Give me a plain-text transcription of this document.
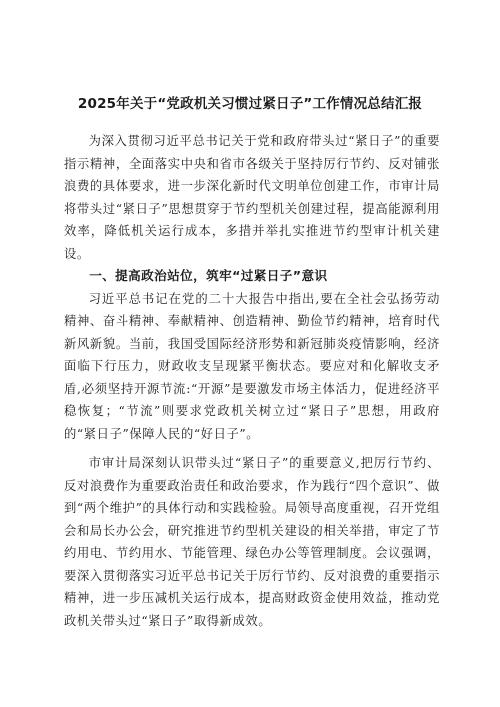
2025年关于“党政机关习惯过紧日子”工作情况总结汇报

为深入贯彻习近平总书记关于党和政府带头过“紧日子”的重要指示精神，全面落实中央和省市各级关于坚持厉行节约、反对铺张浪费的具体要求，进一步深化新时代文明单位创建工作，市审计局将带头过“紧日子”思想贯穿于节约型机关创建过程，提高能源利用效率，降低机关运行成本，多措并举扎实推进节约型审计机关建设。

一、提高政治站位，筑牢“过紧日子”意识

习近平总书记在党的二十大报告中指出,要在全社会弘扬劳动精神、奋斗精神、奉献精神、创造精神、勤俭节约精神，培育时代新风新貌。当前，我国受国际经济形势和新冠肺炎疫情影响，经济面临下行压力，财政收支呈现紧平衡状态。要应对和化解收支矛盾,必须坚持开源节流:“开源”是要激发市场主体活力，促进经济平稳恢复；“节流”则要求党政机关树立过“紧日子”思想，用政府的“紧日子”保障人民的“好日子”。

市审计局深刻认识带头过“紧日子”的重要意义,把厉行节约、反对浪费作为重要政治责任和政治要求，作为践行“四个意识”、做到“两个维护”的具体行动和实践检验。局领导高度重视，召开党组会和局长办公会，研究推进节约型机关建设的相关举措，审定了节约用电、节约用水、节能管理、绿色办公等管理制度。会议强调，要深入贯彻落实习近平总书记关于厉行节约、反对浪费的重要指示精神，进一步压减机关运行成本，提高财政资金使用效益，推动党政机关带头过“紧日子”取得新成效。
